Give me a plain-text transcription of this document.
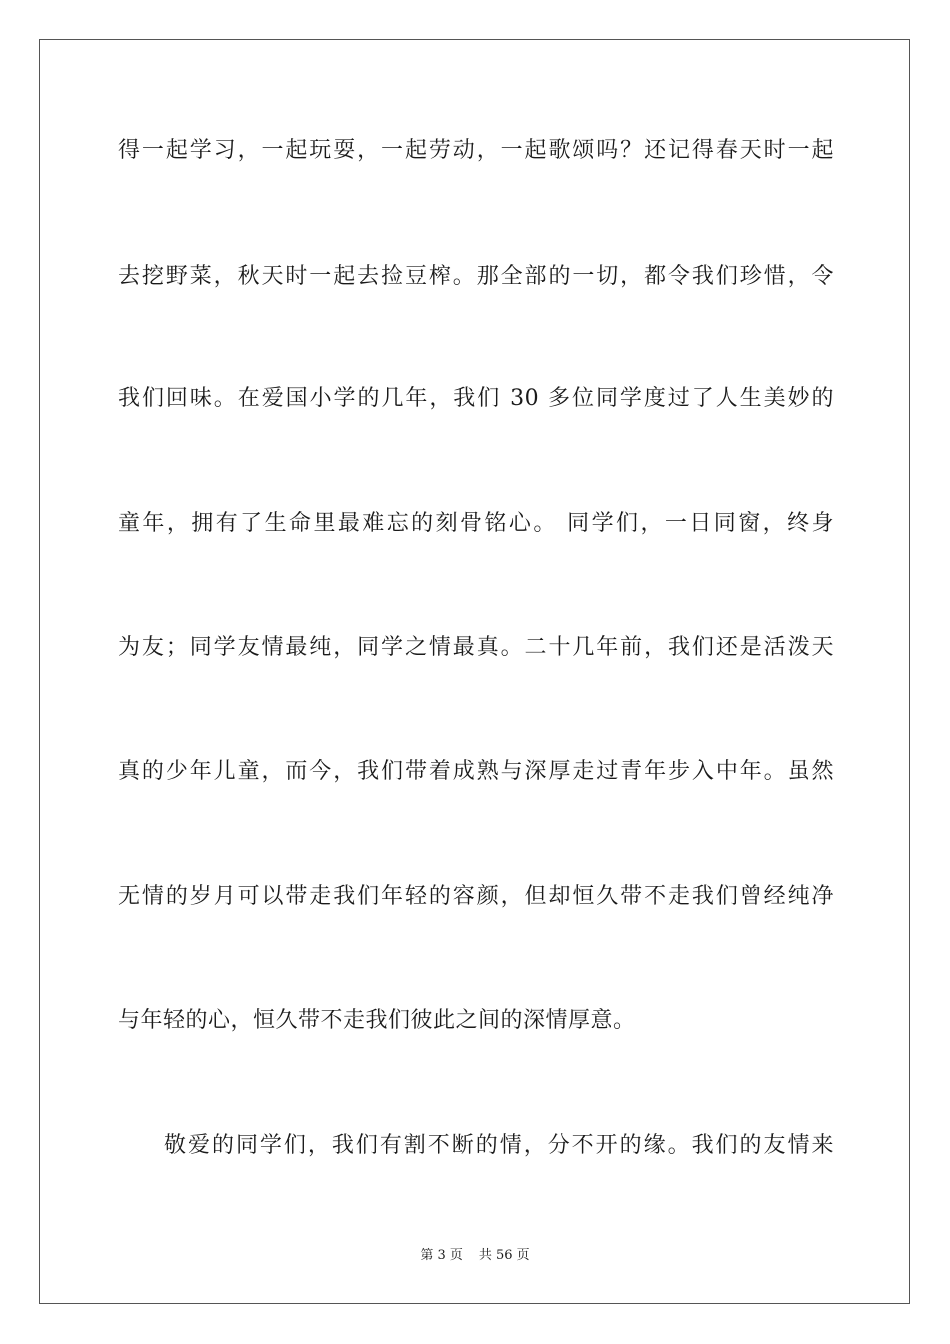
得一起学习，一起玩耍，一起劳动，一起歌颂吗？还记得春天时一起
去挖野菜，秋天时一起去捡豆榨。那全部的一切，都令我们珍惜，令
我们回味。在爱国小学的几年，我们 30 多位同学度过了人生美妙的
童年，拥有了生命里最难忘的刻骨铭心。 同学们，一日同窗，终身
为友；同学友情最纯，同学之情最真。二十几年前，我们还是活泼天
真的少年儿童，而今，我们带着成熟与深厚走过青年步入中年。虽然
无情的岁月可以带走我们年轻的容颜，但却恒久带不走我们曾经纯净
与年轻的心，恒久带不走我们彼此之间的深情厚意。
敬爱的同学们，我们有割不断的情，分不开的缘。我们的友情来
第 3 页 共 56 页
